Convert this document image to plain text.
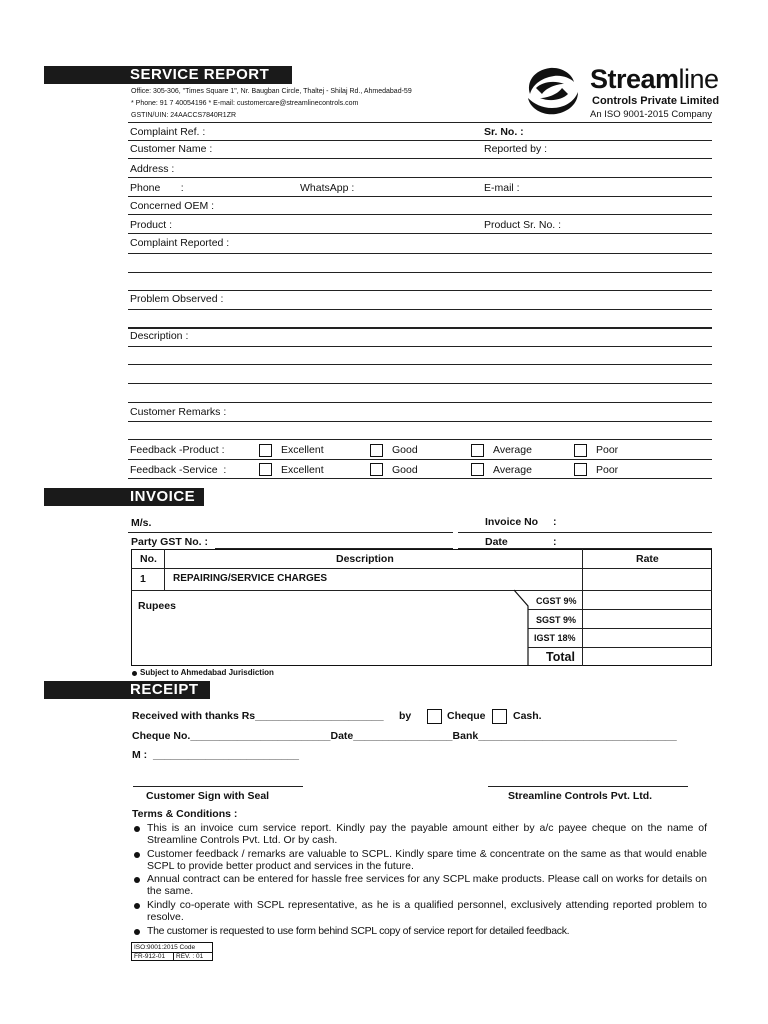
SERVICE REPORT
Office: 305-306, "Times Square 1", Nr. Baugban Circle, Thaltej - Shilaj Rd., Ahmedabad-59
* Phone: 91 7 40054196 * E-mail: customercare@streamlinecontrols.com
GSTIN/UIN: 24AACCS7840R1ZR
Streamline
Controls Private Limited
An ISO 9001-2015 Company
Complaint Ref. :	Sr. No. :
Customer Name :	Reported by :
Address :
Phone       :	WhatsApp :	E-mail :
Concerned OEM :
Product :	Product Sr. No. :
Complaint Reported :
Problem Observed :
Description :
Customer Remarks :
Feedback -Product :	Excellent	Good	Average	Poor
Feedback -Service  :	Excellent	Good	Average	Poor
INVOICE
M/s.	Invoice No :
Party GST No. :	Date	:
No.	Description	Rate
1	REPAIRING/SERVICE CHARGES
Rupees	CGST 9%
SGST 9%
IGST 18%
Total
Subject to Ahmedabad Jurisdiction
RECEIPT
Received with thanks Rs______________________ by	Cheque	Cash.
Cheque No.________________________Date_________________Bank__________________________________
M :  _________________________
Customer Sign with Seal	Streamline Controls Pvt. Ltd.
Terms & Conditions :
This is an invoice cum service report. Kindly pay the payable amount either by a/c payee cheque on the name of Streamline Controls Pvt. Ltd. Or by cash.
Customer feedback / remarks are valuable to SCPL. Kindly spare time & concentrate on the same as that would enable SCPL to provide better product and services in the future.
Annual contract can be entered for hassle free services for any SCPL make products. Please call on works for details on the same.
Kindly co-operate with SCPL representative, as he is a qualified personnel, exclusively attending reported problem to resolve.
The customer is requested to use form behind SCPL copy of service report for detailed feedback.
ISO:9001:2015 Code
FR-912-01 REV. : 01
